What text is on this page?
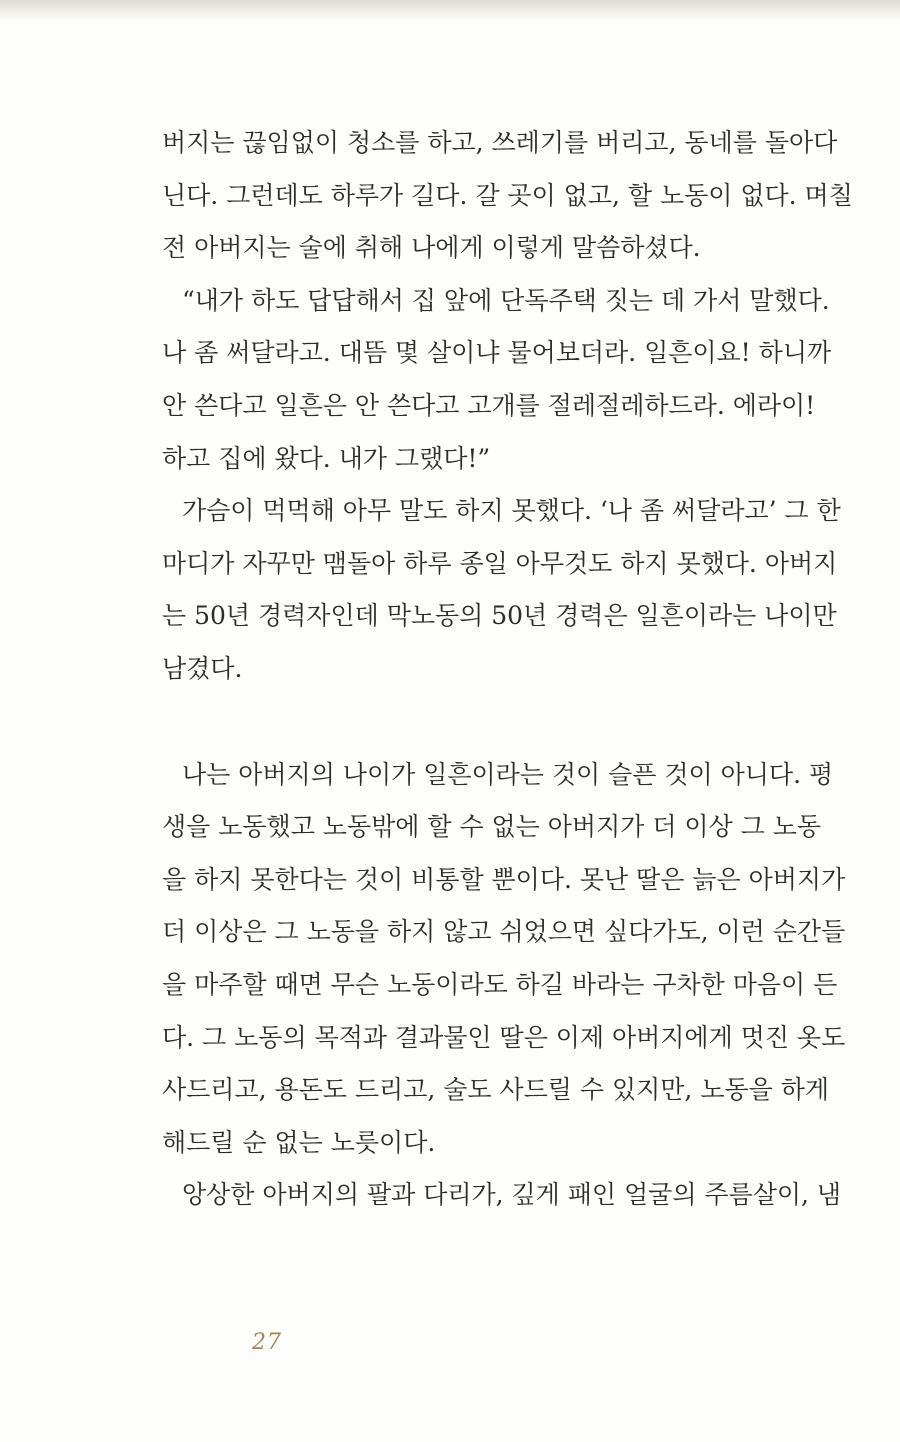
버지는 끊임없이 청소를 하고, 쓰레기를 버리고, 동네를 돌아다
닌다. 그런데도 하루가 길다. 갈 곳이 없고, 할 노동이 없다. 며칠
전 아버지는 술에 취해 나에게 이렇게 말씀하셨다.
“내가 하도 답답해서 집 앞에 단독주택 짓는 데 가서 말했다.
나 좀 써달라고. 대뜸 몇 살이냐 물어보더라. 일흔이요! 하니까
안 쓴다고 일흔은 안 쓴다고 고개를 절레절레하드라. 에라이!
하고 집에 왔다. 내가 그랬다!”
가슴이 먹먹해 아무 말도 하지 못했다. ‘나 좀 써달라고’ 그 한
마디가 자꾸만 맴돌아 하루 종일 아무것도 하지 못했다. 아버지
는 50년 경력자인데 막노동의 50년 경력은 일흔이라는 나이만
남겼다.
나는 아버지의 나이가 일흔이라는 것이 슬픈 것이 아니다. 평
생을 노동했고 노동밖에 할 수 없는 아버지가 더 이상 그 노동
을 하지 못한다는 것이 비통할 뿐이다. 못난 딸은 늙은 아버지가
더 이상은 그 노동을 하지 않고 쉬었으면 싶다가도, 이런 순간들
을 마주할 때면 무슨 노동이라도 하길 바라는 구차한 마음이 든
다. 그 노동의 목적과 결과물인 딸은 이제 아버지에게 멋진 옷도
사드리고, 용돈도 드리고, 술도 사드릴 수 있지만, 노동을 하게
해드릴 순 없는 노릇이다.
앙상한 아버지의 팔과 다리가, 깊게 패인 얼굴의 주름살이, 냄
27
